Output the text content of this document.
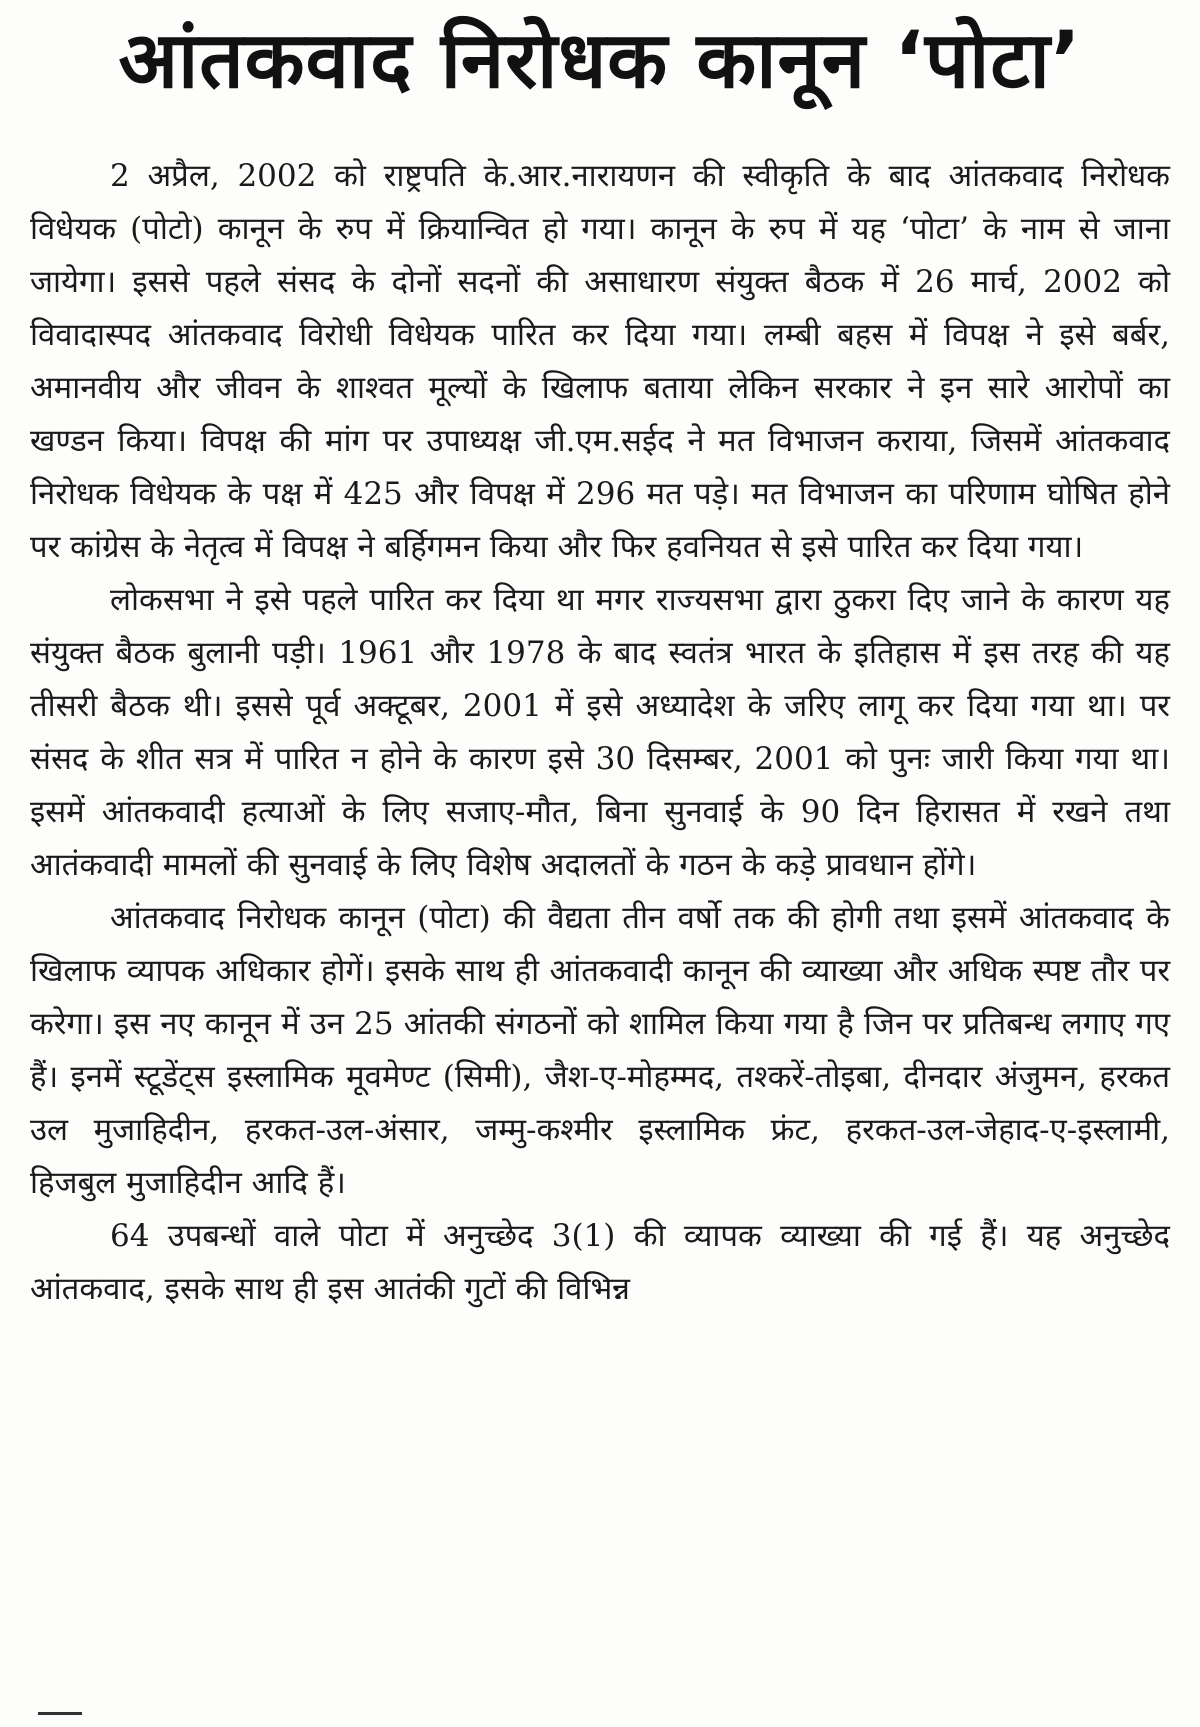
आंतकवाद निरोधक कानून ‘पोटा’

2 अप्रैल, 2002 को राष्ट्रपति के.आर.नारायणन की स्वीकृति के बाद आंतकवाद निरोधक विधेयक (पोटो) कानून के रुप में क्रियान्वित हो गया। कानून के रुप में यह ‘पोटा’ के नाम से जाना जायेगा। इससे पहले संसद के दोनों सदनों की असाधारण संयुक्त बैठक में 26 मार्च, 2002 को विवादास्पद आंतकवाद विरोधी विधेयक पारित कर दिया गया। लम्बी बहस में विपक्ष ने इसे बर्बर, अमानवीय और जीवन के शाश्वत मूल्यों के खिलाफ बताया लेकिन सरकार ने इन सारे आरोपों का खण्डन किया। विपक्ष की मांग पर उपाध्यक्ष जी.एम.सईद ने मत विभाजन कराया, जिसमें आंतकवाद निरोधक विधेयक के पक्ष में 425 और विपक्ष में 296 मत पड़े। मत विभाजन का परिणाम घोषित होने पर कांग्रेस के नेतृत्व में विपक्ष ने बर्हिगमन किया और फिर हवनियत से इसे पारित कर दिया गया।

लोकसभा ने इसे पहले पारित कर दिया था मगर राज्यसभा द्वारा ठुकरा दिए जाने के कारण यह संयुक्त बैठक बुलानी पड़ी। 1961 और 1978 के बाद स्वतंत्र भारत के इतिहास में इस तरह की यह तीसरी बैठक थी। इससे पूर्व अक्टूबर, 2001 में इसे अध्यादेश के जरिए लागू कर दिया गया था। पर संसद के शीत सत्र में पारित न होने के कारण इसे 30 दिसम्बर, 2001 को पुनः जारी किया गया था। इसमें आंतकवादी हत्याओं के लिए सजाए-मौत, बिना सुनवाई के 90 दिन हिरासत में रखने तथा आतंकवादी मामलों की सुनवाई के लिए विशेष अदालतों के गठन के कड़े प्रावधान होंगे।

आंतकवाद निरोधक कानून (पोटा) की वैद्यता तीन वर्षो तक की होगी तथा इसमें आंतकवाद के खिलाफ व्यापक अधिकार होगें। इसके साथ ही आंतकवादी कानून की व्याख्या और अधिक स्पष्ट तौर पर करेगा। इस नए कानून में उन 25 आंतकी संगठनों को शामिल किया गया है जिन पर प्रतिबन्ध लगाए गए हैं। इनमें स्टूडेंट्स इस्लामिक मूवमेण्ट (सिमी), जैश-ए-मोहम्मद, तश्करें-तोइबा, दीनदार अंजुमन, हरकत उल मुजाहिदीन, हरकत-उल-अंसार, जम्मु-कश्मीर इस्लामिक फ्रंट, हरकत-उल-जेहाद-ए-इस्लामी, हिजबुल मुजाहिदीन आदि हैं।

64 उपबन्धों वाले पोटा में अनुच्छेद 3(1) की व्यापक व्याख्या की गई हैं। यह अनुच्छेद आंतकवाद, इसके साथ ही इस आतंकी गुटों की विभिन्न
